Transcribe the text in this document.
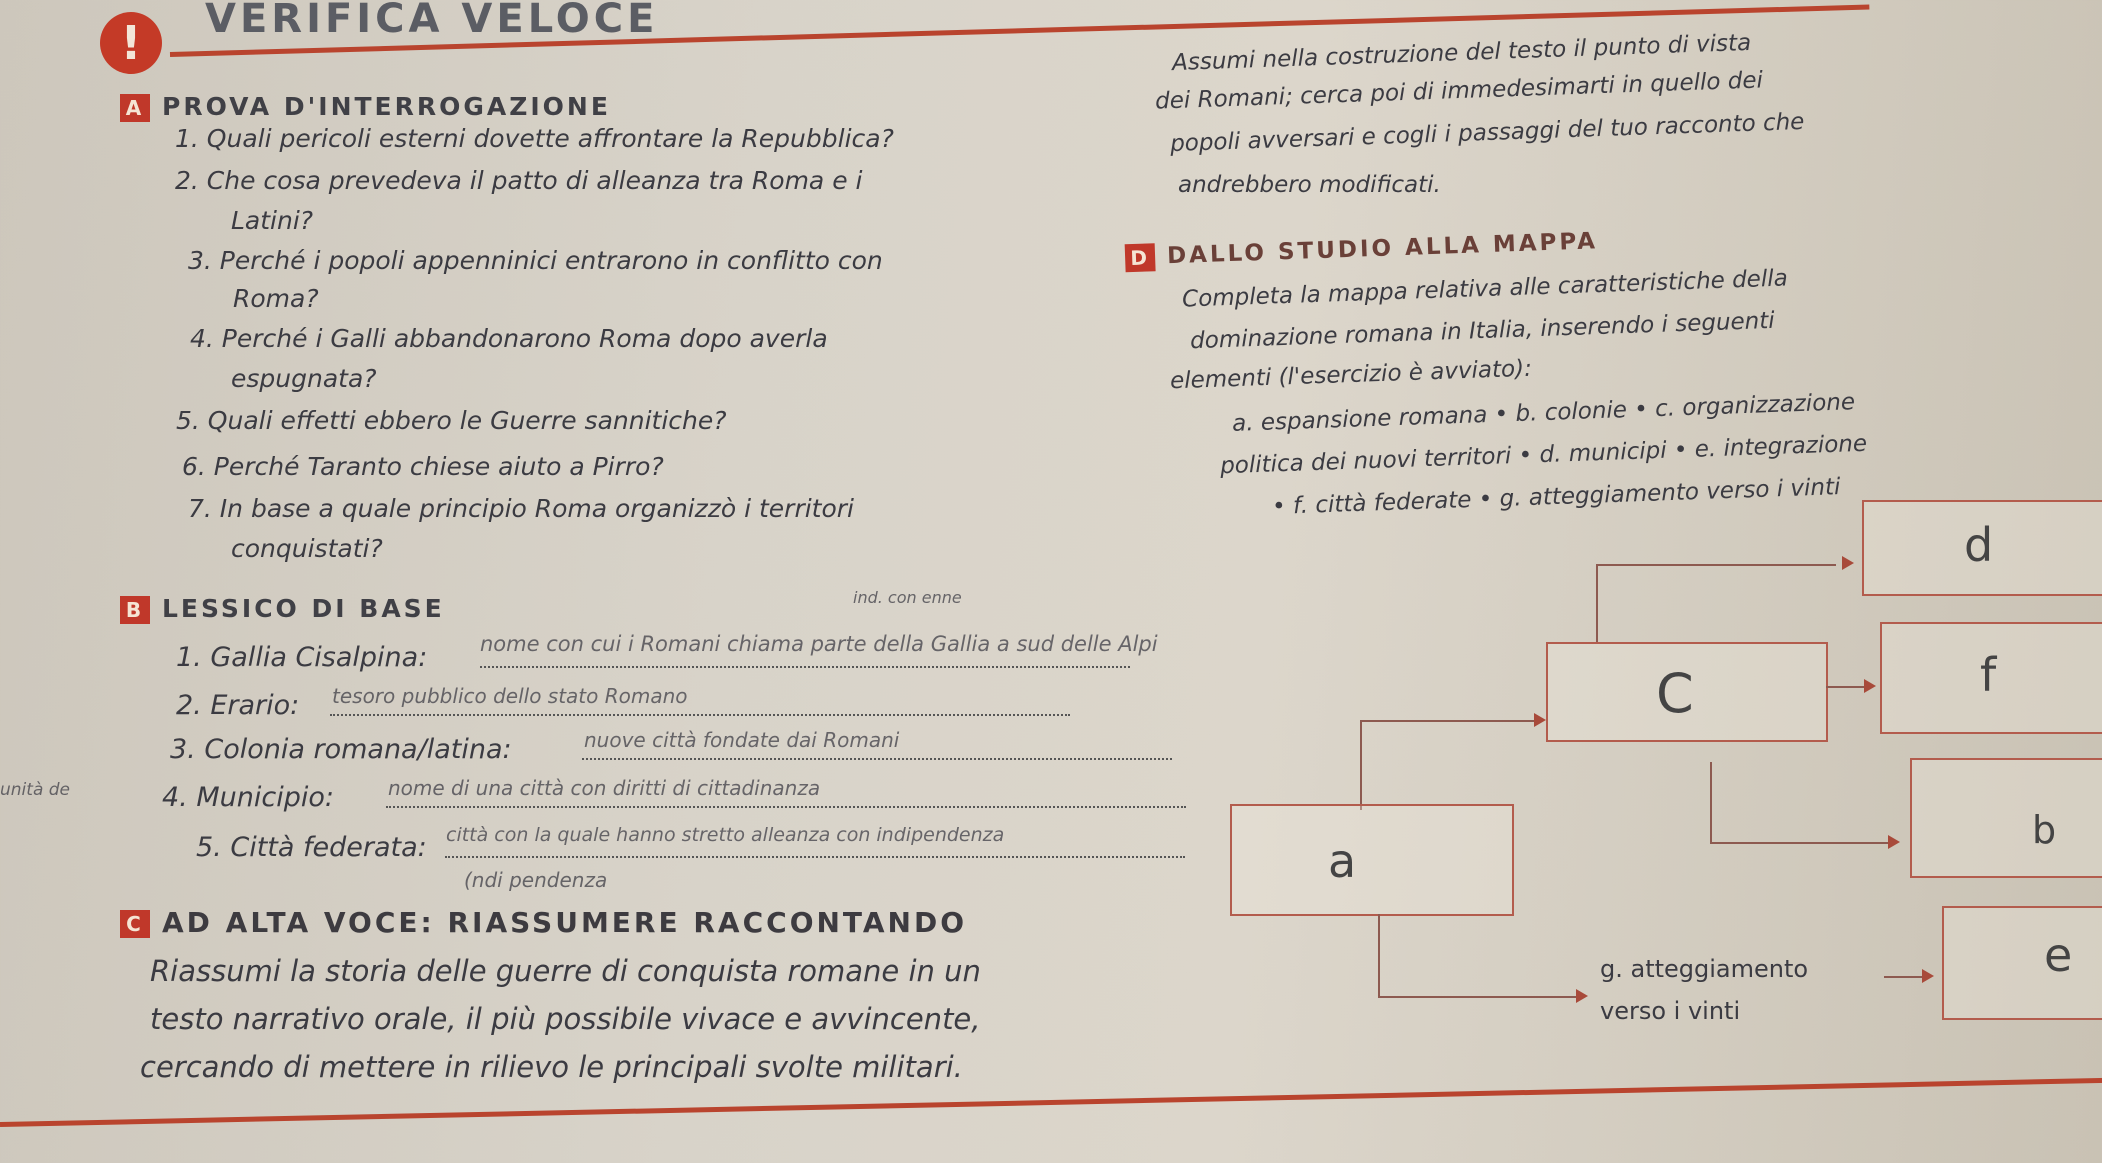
!	VERIFICA VELOCE
A PROVA D'INTERROGAZIONE
1. Quali pericoli esterni dovette affrontare la Repubblica?
2. Che cosa prevedeva il patto di alleanza tra Roma e i
Latini?
3. Perché i popoli appenninici entrarono in conflitto con
Roma?
4. Perché i Galli abbandonarono Roma dopo averla
espugnata?
5. Quali effetti ebbero le Guerre sannitiche?
6. Perché Taranto chiese aiuto a Pirro?
7. In base a quale principio Roma organizzò i territori
conquistati?
Assumi nella costruzione del testo il punto di vista
dei Romani; cerca poi di immedesimarti in quello dei
popoli avversari e cogli i passaggi del tuo racconto che
andrebbero modificati.
D DALLO STUDIO ALLA MAPPA
Completa la mappa relativa alle caratteristiche della
dominazione romana in Italia, inserendo i seguenti
elementi (l'esercizio è avviato):
a. espansione romana • b. colonie • c. organizzazione
politica dei nuovi territori • d. municipi • e. integrazione
• f. città federate • g. atteggiamento verso i vinti
B LESSICO DI BASE	ind. con enne
1. Gallia Cisalpina:	nome con cui i Romani chiama parte della Gallia a sud delle Alpi
2. Erario: tesoro pubblico dello stato Romano
3. Colonia romana/latina:	nuove città fondate dai Romani
unità de	4. Municipio:	nome di una città con diritti di cittadinanza
5. Città federata: città con la quale hanno stretto alleanza con indipendenza
(ndi pendenza
C AD ALTA VOCE: RIASSUMERE RACCONTANDO
Riassumi la storia delle guerre di conquista romane in un
testo narrativo orale, il più possibile vivace e avvincente,
cercando di mettere in rilievo le principali svolte militari.
d
C	f
a
b
g. atteggiamento
verso i vinti
e
